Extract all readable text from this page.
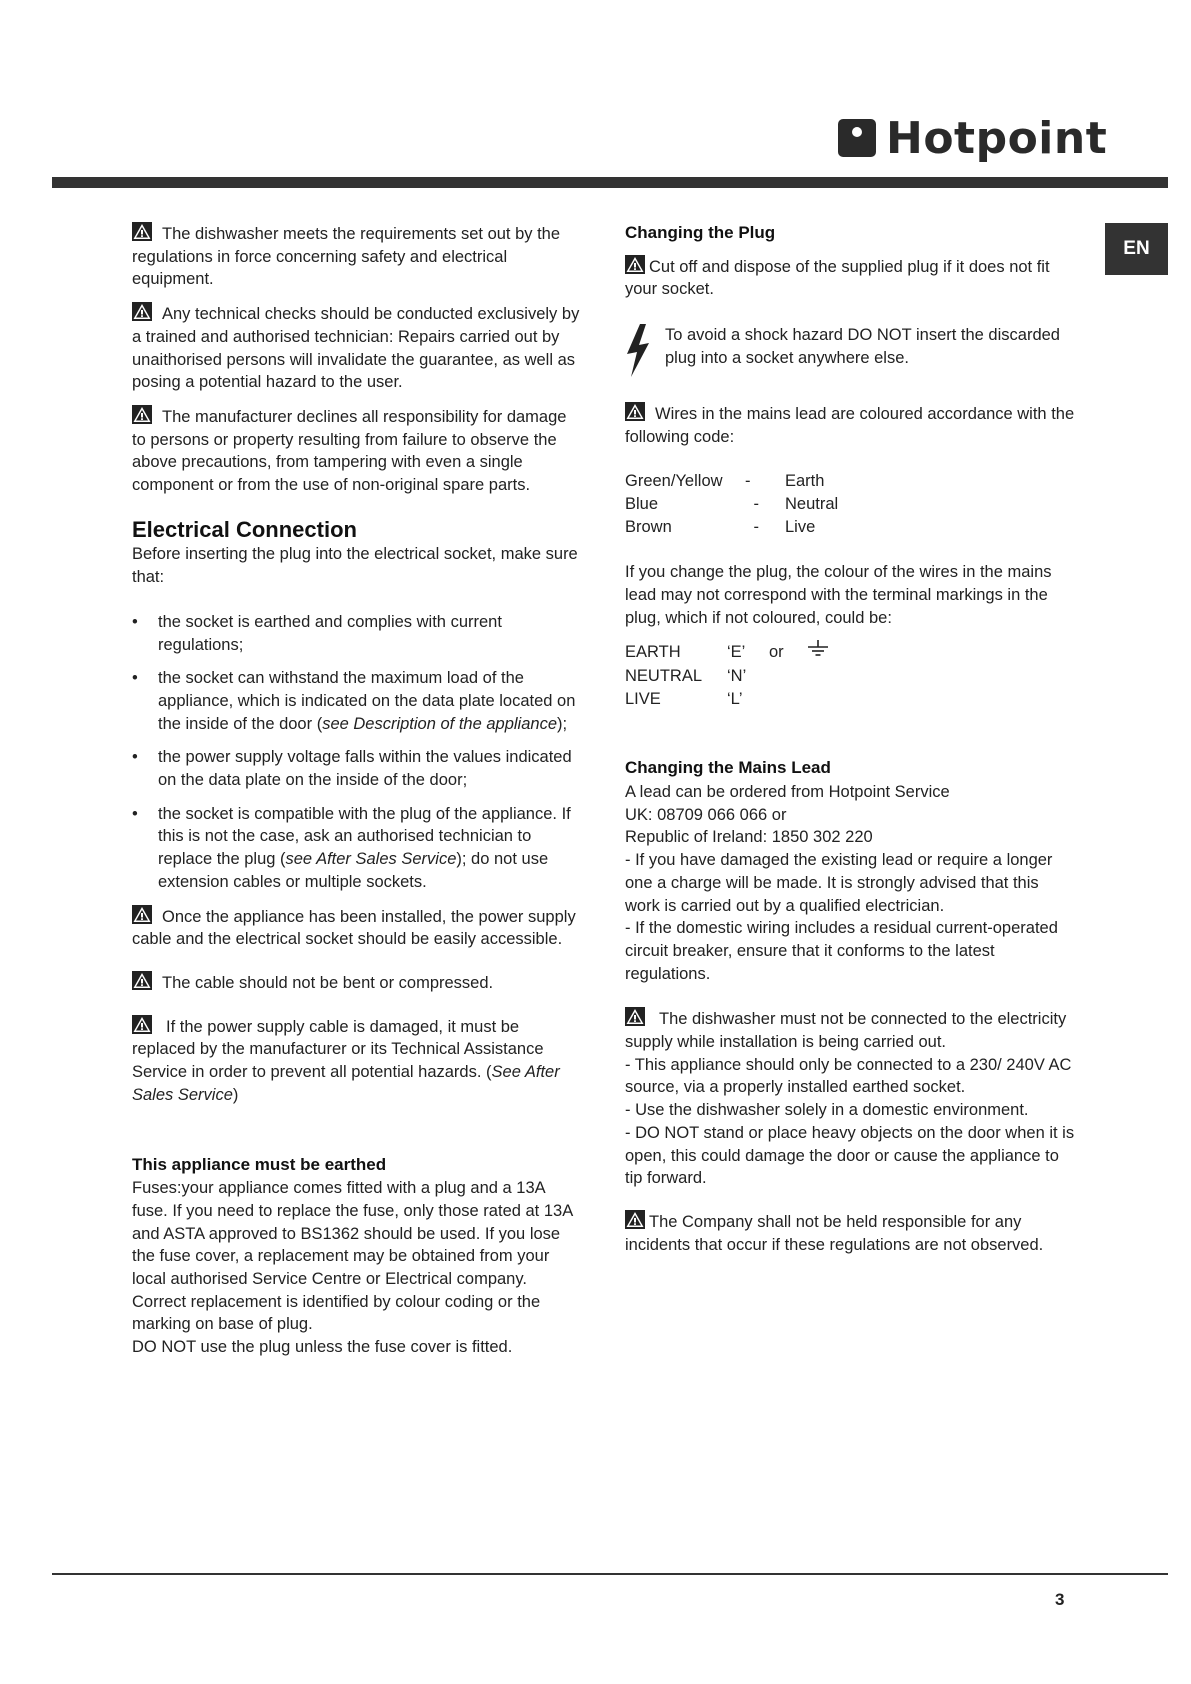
Hotpoint
EN

The dishwasher meets the requirements set out by the regulations in force concerning safety and electrical equipment.

Any technical checks should be conducted exclusively by a trained and authorised technician: Repairs carried out by unaithorised persons will invalidate the guarantee, as well as posing a potential hazard to the user.

The manufacturer declines all responsibility for damage to persons or property resulting from failure to observe the above precautions, from tampering with even a single component or from the use of non-original spare parts.

Electrical Connection

Before inserting the plug into the electrical socket, make sure that:

• the socket is earthed and complies with current regulations;
• the socket can withstand the maximum load of the appliance, which is indicated on the data plate located on the inside of the door (see Description of the appliance);
• the power supply voltage falls within the values indicated on the data plate on the inside of the door;
• the socket is compatible with the plug of the appliance. If this is not the case, ask an authorised technician to replace the plug (see After Sales Service); do not use extension cables or multiple sockets.

Once the appliance has been installed, the power supply cable and the electrical socket should be easily accessible.

The cable should not be bent or compressed.

If the power supply cable is damaged, it must be replaced by the manufacturer or its Technical Assistance Service in order to prevent all potential hazards. (See After Sales Service)

This appliance must be earthed

Fuses:your appliance comes fitted with a plug and a 13A fuse. If you need to replace the fuse, only those rated at 13A and ASTA approved to BS1362 should be used. If you lose the fuse cover, a replacement may be obtained from your local authorised Service Centre or Electrical company. Correct replacement is identified by colour coding or the marking on base of plug.

DO NOT use the plug unless the fuse cover is fitted.

Changing the Plug

Cut off and dispose of the supplied plug if it does not fit your socket.

To avoid a shock hazard DO NOT insert the discarded plug into a socket anywhere else.

Wires in the mains lead are coloured accordance with the following code:

Green/Yellow	-	Earth
Blue	-	Neutral
Brown	-	Live

If you change the plug, the colour of the wires in the mains lead may not correspond with the terminal markings in the plug, which if not coloured, could be:

EARTH	‘E’	or	
NEUTRAL	‘N’		
LIVE	‘L’		
Changing the Mains Lead
A lead can be ordered from Hotpoint Service
UK: 08709 066 066 or
Republic of Ireland: 1850 302 220
- If you have damaged the existing lead or require a longer one a charge will be made. It is strongly advised that this work is carried out by a qualified electrician.
- If the domestic wiring includes a residual current-operated circuit breaker, ensure that it conforms to the latest regulations.
The dishwasher must not be connected to the electricity supply while installation is being carried out.
- This appliance should only be connected to a 230/ 240V AC source, via a properly installed earthed socket.
- Use the dishwasher solely in a domestic environment.
- DO NOT stand or place heavy objects on the door when it is open, this could damage the door or cause the appliance to tip forward.

The Company shall not be held responsible for any incidents that occur if these regulations are not observed.

3
